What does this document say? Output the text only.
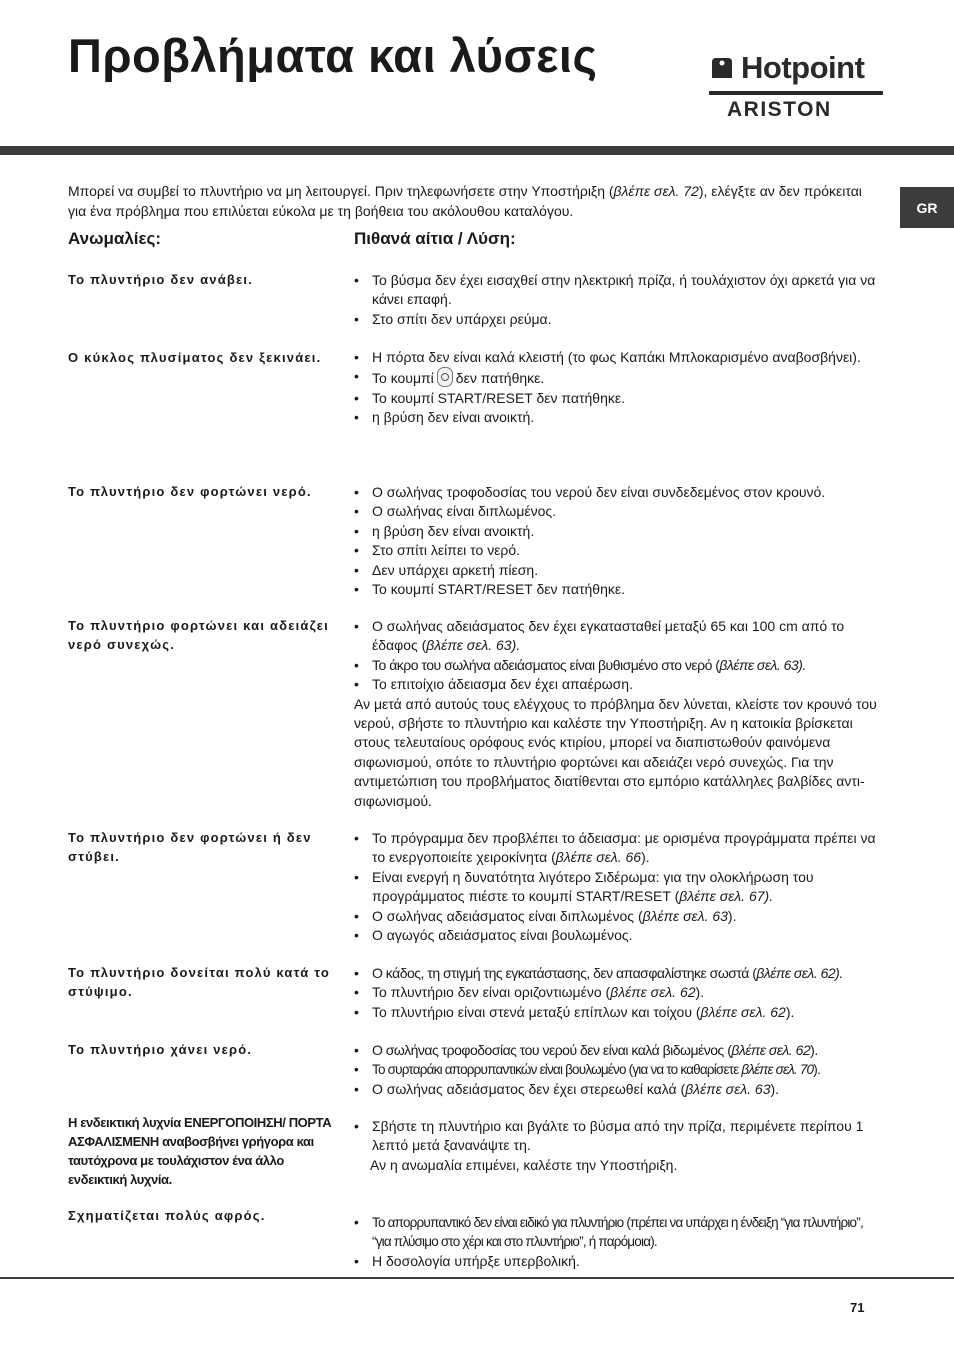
Προβλήματα και λύσεις	Hotpoint
ARISTON
GR
Μπορεί να συμβεί το πλυντήριο να μη λειτουργεί. Πριν τηλεφωνήσετε στην Υποστήριξη (βλέπε σελ. 72), ελέγξτε αν δεν πρόκειται για ένα πρόβλημα που επιλύεται εύκολα με τη βοήθεια του ακόλουθου καταλόγου.
Ανωμαλίες:	Πιθανά αίτια / Λύση:
Το πλυντήριο δεν ανάβει.	• Το βύσμα δεν έχει εισαχθεί στην ηλεκτρική πρίζα, ή τουλάχιστον όχι αρκετά για να κάνει επαφή.
• Στο σπίτι δεν υπάρχει ρεύμα.
Ο κύκλος πλυσίματος δεν ξεκινάει.	• Η πόρτα δεν είναι καλά κλειστή (το φως Καπάκι Μπλοκαρισμένο αναβοσβήνει).
• Το κουμπί δεν πατήθηκε.
• Το κουμπί START/RESET δεν πατήθηκε.
• η βρύση δεν είναι ανοικτή.
Το πλυντήριο δεν φορτώνει νερό.	• Ο σωλήνας τροφοδοσίας του νερού δεν είναι συνδεδεμένος στον κρουνό.
• Ο σωλήνας είναι διπλωμένος.
• η βρύση δεν είναι ανοικτή.
• Στο σπίτι λείπει το νερό.
• Δεν υπάρχει αρκετή πίεση.
• Το κουμπί START/RESET δεν πατήθηκε.
Το πλυντήριο φορτώνει και αδειάζει νερό συνεχώς.
• Ο σωλήνας αδειάσματος δεν έχει εγκατασταθεί μεταξύ 65 και 100 cm από το έδαφος (βλέπε σελ. 63).
• Το άκρο του σωλήνα αδειάσματος είναι βυθισμένο στο νερό (βλέπε σελ. 63).
• Το επιτοίχιο άδειασμα δεν έχει απαέρωση.
Αν μετά από αυτούς τους ελέγχους το πρόβλημα δεν λύνεται, κλείστε τον κρουνό του νερού, σβήστε το πλυντήριο και καλέστε την Υποστήριξη. Αν η κατοικία βρίσκεται στους τελευταίους ορόφους ενός κτιρίου, μπορεί να διαπιστωθούν φαινόμενα σιφωνισμού, οπότε το πλυντήριο φορτώνει και αδειάζει νερό συνεχώς. Για την αντιμετώπιση του προβλήματος διατίθενται στο εμπόριο κατάλληλες βαλβίδες αντι-σιφωνισμού.
Το πλυντήριο δεν φορτώνει ή δεν στύβει.
• Το πρόγραμμα δεν προβλέπει το άδειασμα: με ορισμένα προγράμματα πρέπει να το ενεργοποιείτε χειροκίνητα (βλέπε σελ. 66).
• Είναι ενεργή η δυνατότητα λιγότερο Σιδέρωμα: για την ολοκλήρωση του προγράμματος πιέστε το κουμπί START/RESET (βλέπε σελ. 67).
• Ο σωλήνας αδειάσματος είναι διπλωμένος (βλέπε σελ. 63).
• Ο αγωγός αδειάσματος είναι βουλωμένος.
Το πλυντήριο δονείται πολύ κατά το στύψιμο.
• Ο κάδος, τη στιγμή της εγκατάστασης, δεν απασφαλίστηκε σωστά (βλέπε σελ. 62).
• Το πλυντήριο δεν είναι οριζοντιωμένο (βλέπε σελ. 62).
• Το πλυντήριο είναι στενά μεταξύ επίπλων και τοίχου (βλέπε σελ. 62).
Το πλυντήριο χάνει νερό.	• Ο σωλήνας τροφοδοσίας του νερού δεν είναι καλά βιδωμένος (βλέπε σελ. 62).
• Το συρταράκι απορρυπαντικών είναι βουλωμένο (για να το καθαρίσετε βλέπε σελ. 70).
• Ο σωλήνας αδειάσματος δεν έχει στερεωθεί καλά (βλέπε σελ. 63).
Η ενδεικτική λυχνία ΕΝΕΡΓΟΠΟΙΗΣΗ/ ΠΟΡΤΑ ΑΣΦΑΛΙΣΜΕΝΗ αναβοσβήνει γρήγορα και ταυτόχρονα με τουλάχιστον ένα άλλο ενδεικτική λυχνία.
• Σβήστε τη πλυντήριο και βγάλτε το βύσμα από την πρίζα, περιμένετε περίπου 1 λεπτό μετά ξανανάψτε τη.
Αν η ανωμαλία επιμένει, καλέστε την Υποστήριξη.
Σχηματίζεται πολύς αφρός.	• Το απορρυπαντικό δεν είναι ειδικό για πλυντήριο (πρέπει να υπάρχει η ένδειξη “για πλυντήριο”, “για πλύσιμο στο χέρι και στο πλυντήριο”, ή παρόμοια).
• Η δοσολογία υπήρξε υπερβολική.
71
